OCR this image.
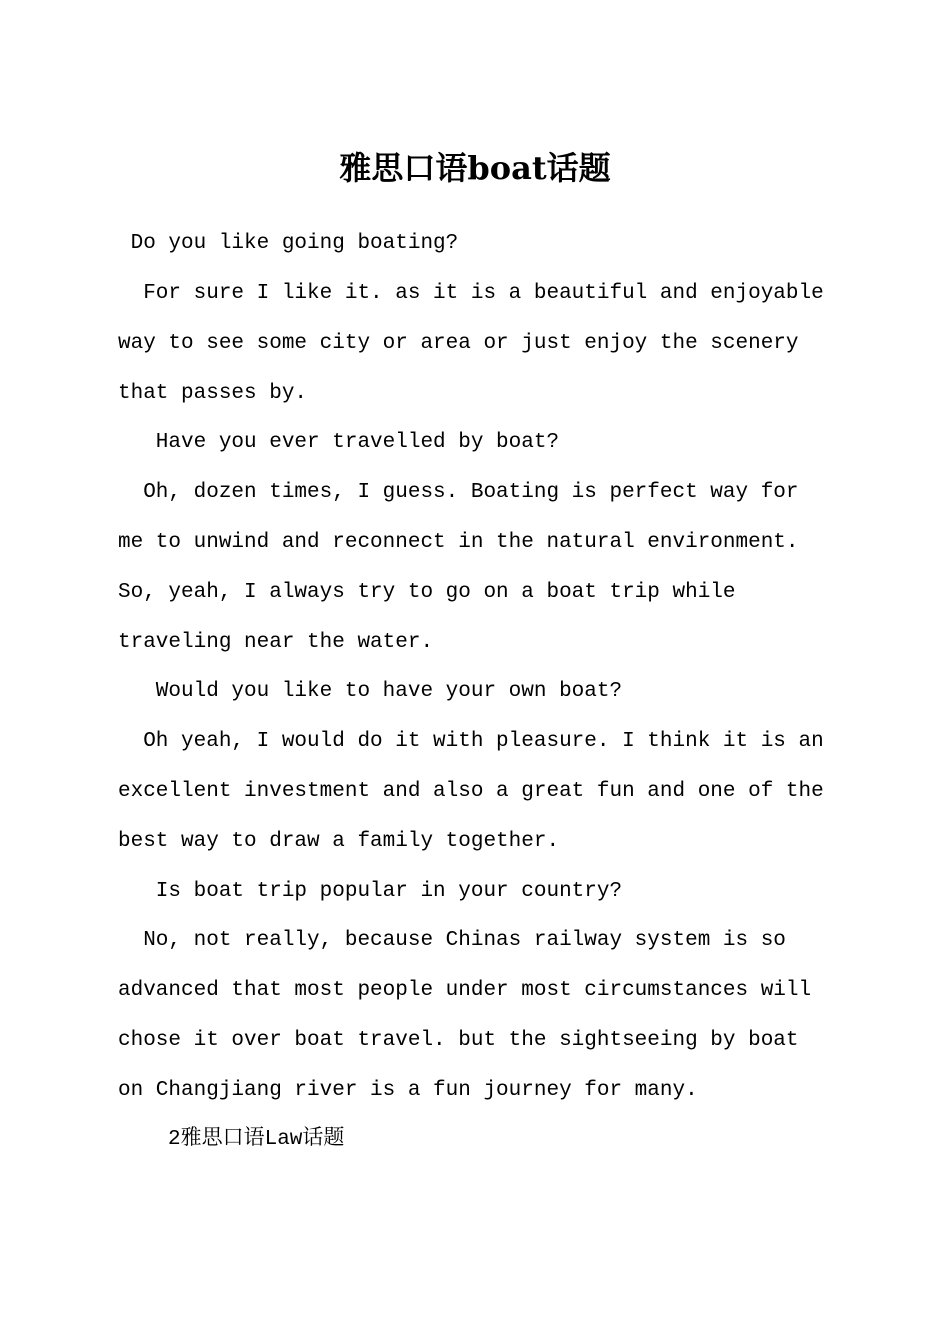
雅思口语boat话题

Do you like going boating?

For sure I like it. as it is a beautiful and enjoyable

way to see some city or area or just enjoy the scenery

that passes by.

Have you ever travelled by boat?

Oh, dozen times, I guess. Boating is perfect way for

me to unwind and reconnect in the natural environment.

So, yeah, I always try to go on a boat trip while

traveling near the water.

Would you like to have your own boat?

Oh yeah, I would do it with pleasure. I think it is an

excellent investment and also a great fun and one of the

best way to draw a family together.

Is boat trip popular in your country?

No, not really, because Chinas railway system is so

advanced that most people under most circumstances will

chose it over boat travel. but the sightseeing by boat

on Changjiang river is a fun journey for many.

2雅思口语Law话题
